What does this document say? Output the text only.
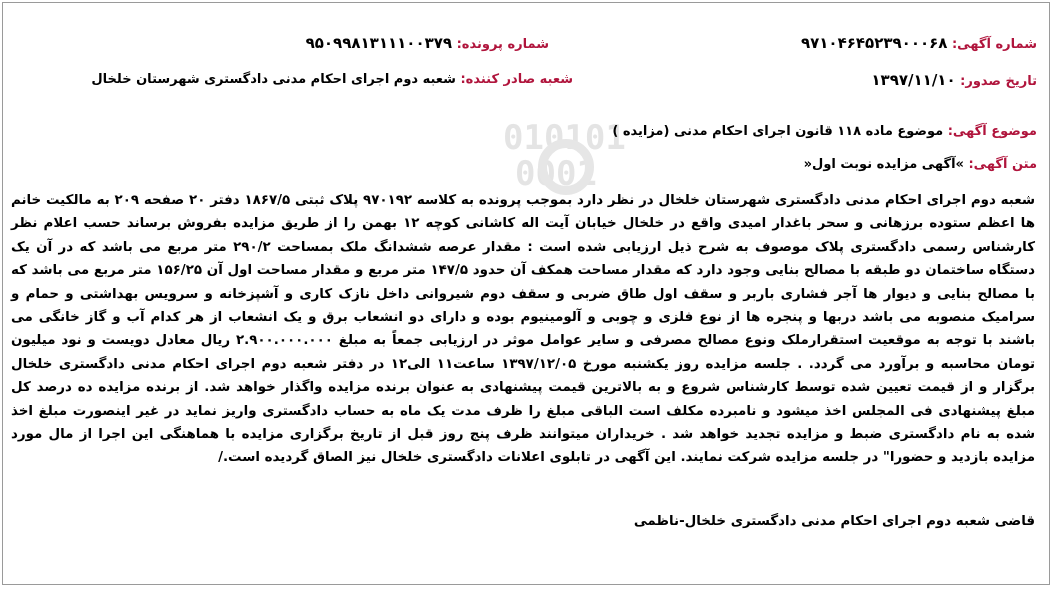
010101
0001
شماره آگهی: ۹۷۱۰۴۶۴۵۲۳۹۰۰۰۶۸
شماره پرونده: ۹۵۰۹۹۸۱۳۱۱۱۰۰۳۷۹
تاریخ صدور: ۱۳۹۷/۱۱/۱۰
شعبه صادر کننده: شعبه دوم اجرای احکام مدنی دادگستری شهرستان خلخال
موضوع آگهی: موضوع ماده ۱۱۸ قانون اجرای احکام مدنی (مزایده )
متن آگهی: »آگهی مزایده نوبت اول«
شعبه دوم اجرای احکام مدنی دادگستری شهرستان خلخال در نظر دارد بموجب پرونده به کلاسه ۹۷۰۱۹۲ پلاک ثبتی ۱۸۶۷/۵ دفتر ۲۰ صفحه ۲۰۹ به مالکیت خانم ها اعظم ستوده برزهانی و سحر باغدار امیدی واقع در خلخال خیابان آیت اله کاشانی کوچه ۱۲ بهمن را از طریق مزایده بفروش برساند حسب اعلام نظر کارشناس رسمی دادگستری پلاک موصوف به شرح ذیل ارزیابی شده است : مقدار عرصه ششدانگ ملک بمساحت ۲۹۰/۲ متر مربع می باشد که در آن یک دستگاه ساختمان دو طبقه با مصالح بنایی وجود دارد که مقدار مساحت همکف آن حدود ۱۴۷/۵ متر مربع و مقدار مساحت اول آن ۱۵۶/۲۵ متر مربع می باشد که با مصالح بنایی و دیوار ها آجر فشاری باربر و سقف اول طاق ضربی و سقف دوم شیروانی داخل نازک کاری و آشپزخانه و سرویس بهداشتی و حمام و سرامیک منصوبه می باشد دربها و پنجره ها از نوع فلزی و چوبی و آلومینیوم بوده و دارای دو انشعاب برق و یک انشعاب از هر کدام آب و گاز خانگی می باشند با توجه به موقعیت استقرارملک ونوع مصالح مصرفی و سایر عوامل موثر در ارزیابی جمعاً به مبلغ ۲.۹۰۰.۰۰۰.۰۰۰ ریال معادل دویست و نود میلیون تومان محاسبه و برآورد می گردد. . جلسه مزایده روز یکشنبه مورخ ۱۳۹۷/۱۲/۰۵ ساعت۱۱ الی۱۲ در دفتر شعبه دوم اجرای احکام مدنی دادگستری خلخال برگزار و از قیمت تعیین شده توسط کارشناس شروع و به بالاترین قیمت پیشنهادی به عنوان برنده مزایده واگذار خواهد شد. از برنده مزایده ده درصد کل مبلغ پیشنهادی فی المجلس اخذ میشود و نامبرده مکلف است الباقی مبلغ را ظرف مدت یک ماه به حساب دادگستری واریز نماید در غیر اینصورت مبلغ اخذ شده به نام دادگستری ضبط و مزایده تجدید خواهد شد . خریداران میتوانند ظرف پنج روز قبل از تاریخ برگزاری مزایده با هماهنگی این اجرا از مال مورد مزایده بازدید و حضورا" در جلسه مزایده شرکت نمایند. این آگهی در تابلوی اعلانات دادگستری خلخال نیز الصاق گردیده است./
قاضی شعبه دوم اجرای احکام مدنی دادگستری خلخال-ناظمی
